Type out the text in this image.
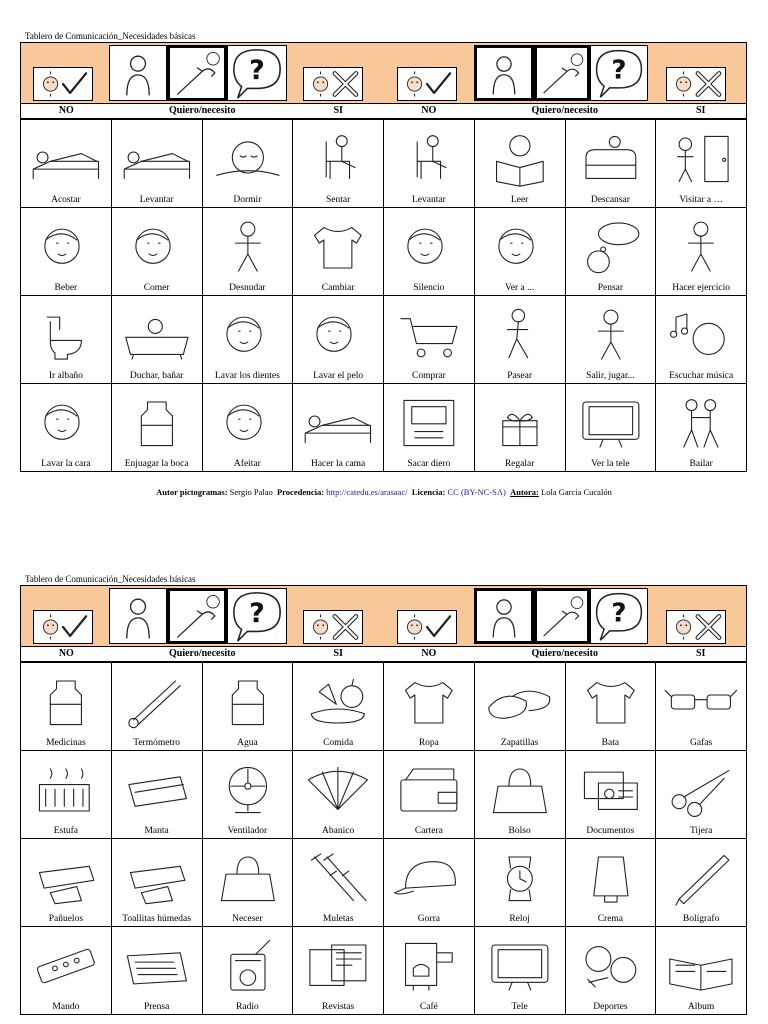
Tablero de Comunicación_Necesidades básicas
?	?
NO	Quiero/necesito	SI	NO	Quiero/necesito	SI
Acostar	Levantar	Dormir	Sentar	Levantar	Leer	Descansar	Visitar a …
Beber	Comer	Desnudar	Cambiar	Silencio	Ver a ...	Pensar	Hacer ejercicio
Ir albaño	Duchar, bañar	Lavar los dientes	Lavar el pelo	Comprar	Pasear	Salir, jugar...	Escuchar música
Lavar la cara	Enjuagar la boca	Afeitar	Hacer la cama	Sacar diero	Regalar	Ver la tele	Bailar
Autor pictogramas: Sergio Palao Procedencia: http://catedu.es/arasaac/ Licencia: CC (BY-NC-SA) Autora: Lola García Cucalón
Tablero de Comunicación_Necesidades básicas
?	?
NO	Quiero/necesito	SI	NO	Quiero/necesito	SI
Medicinas	Termómetro	Agua	Comida	Ropa	Zapatillas	Bata	Gafas
Estufa	Manta	Ventilador	Abanico	Cartera	Bolso	Documentos	Tijera
Pañuelos	Toallitas húmedas	Neceser	Muletas	Gorra	Reloj	Crema	Bolígrafo
Mando	Prensa	Radio	Revistas	Café	Tele	Deportes	Album
